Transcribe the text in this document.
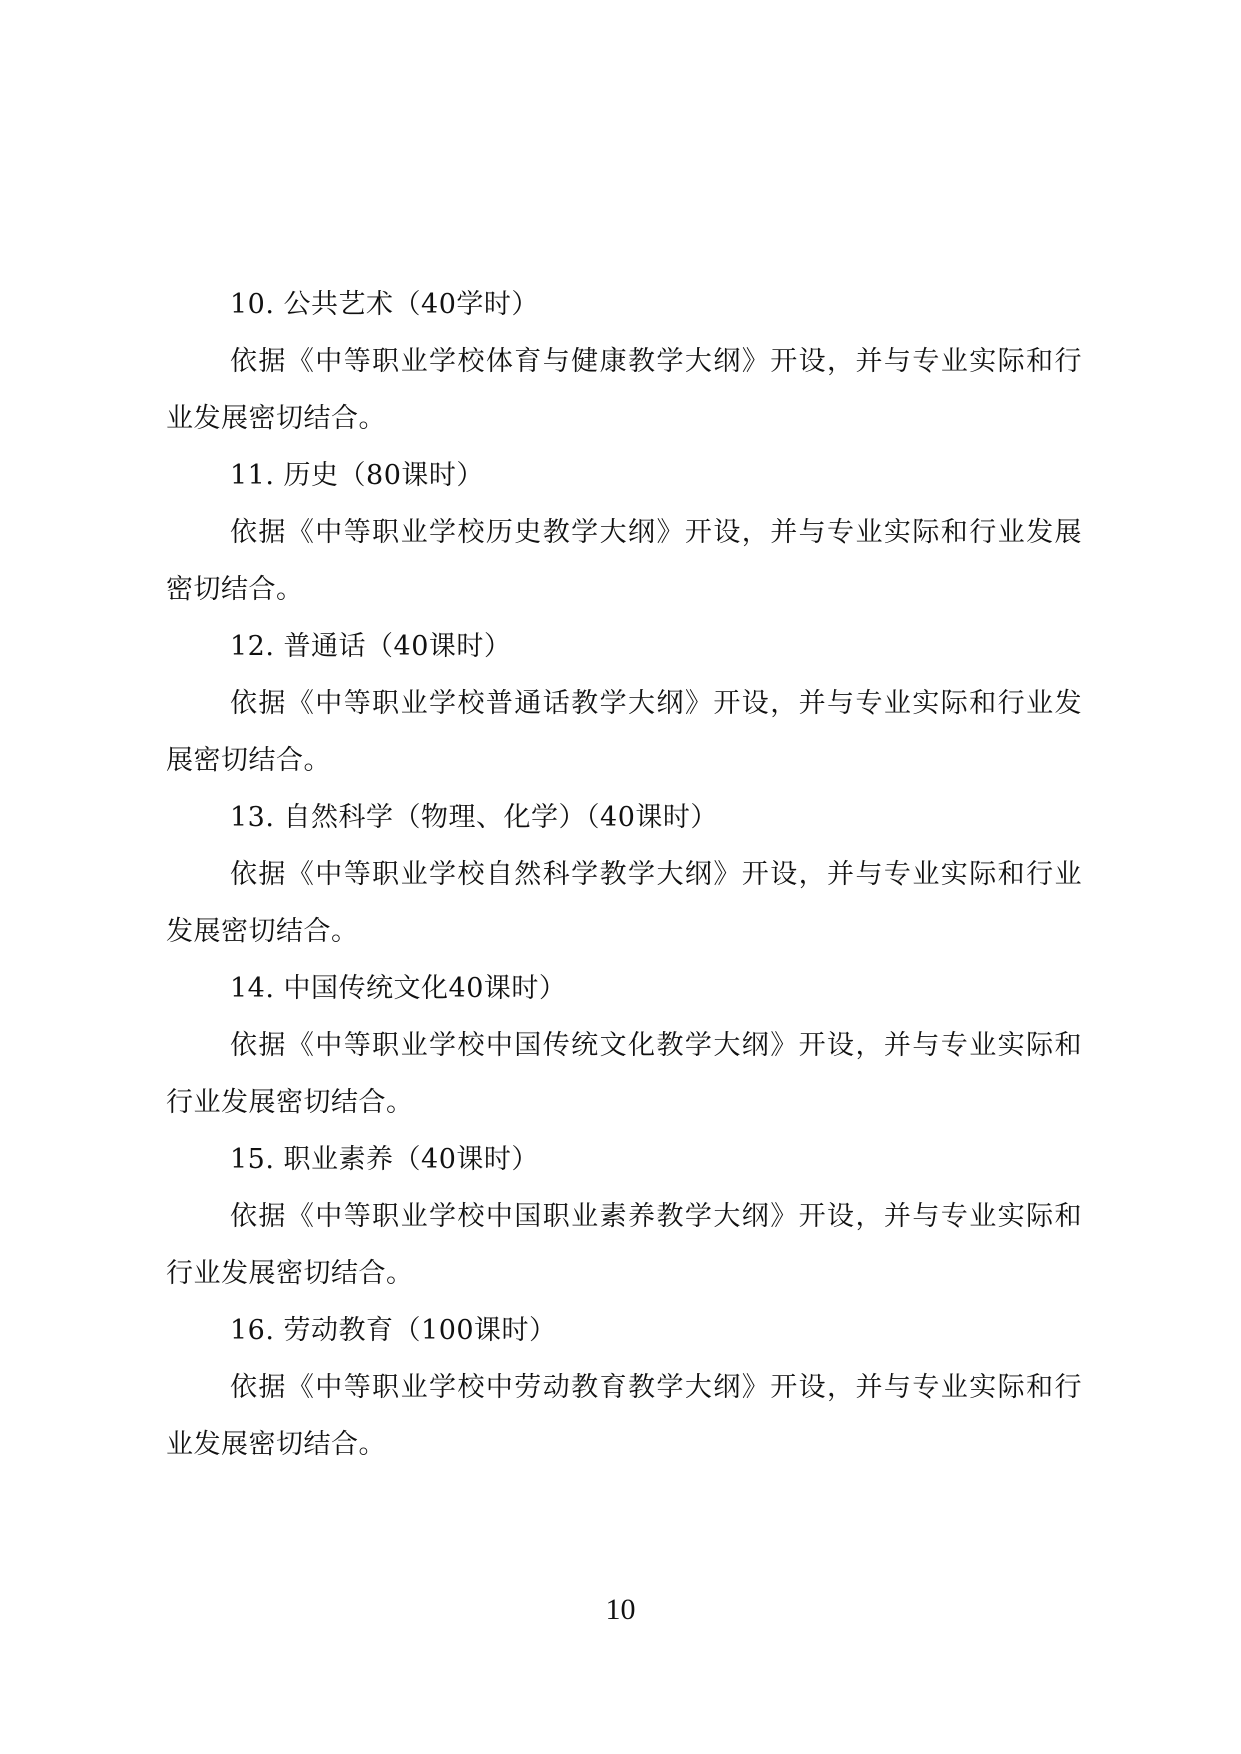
10. 公共艺术（40学时）

依据《中等职业学校体育与健康教学大纲》开设，并与专业实际和行业发展密切结合。

11. 历史（80课时）

依据《中等职业学校历史教学大纲》开设，并与专业实际和行业发展密切结合。

12. 普通话（40课时）

依据《中等职业学校普通话教学大纲》开设，并与专业实际和行业发展密切结合。

13. 自然科学（物理、化学）（40课时）

依据《中等职业学校自然科学教学大纲》开设，并与专业实际和行业发展密切结合。

14. 中国传统文化40课时）

依据《中等职业学校中国传统文化教学大纲》开设，并与专业实际和行业发展密切结合。

15. 职业素养（40课时）

依据《中等职业学校中国职业素养教学大纲》开设，并与专业实际和行业发展密切结合。

16. 劳动教育（100课时）

依据《中等职业学校中劳动教育教学大纲》开设，并与专业实际和行业发展密切结合。

10
